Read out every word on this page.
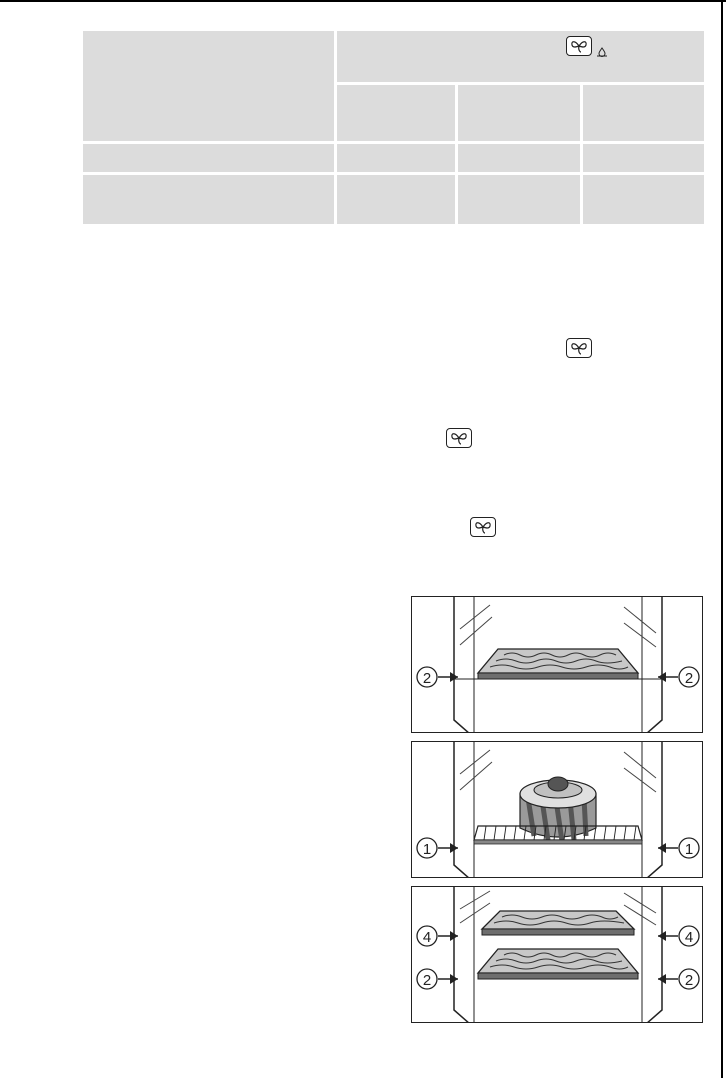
2	2
1	1
4	4
2	2
